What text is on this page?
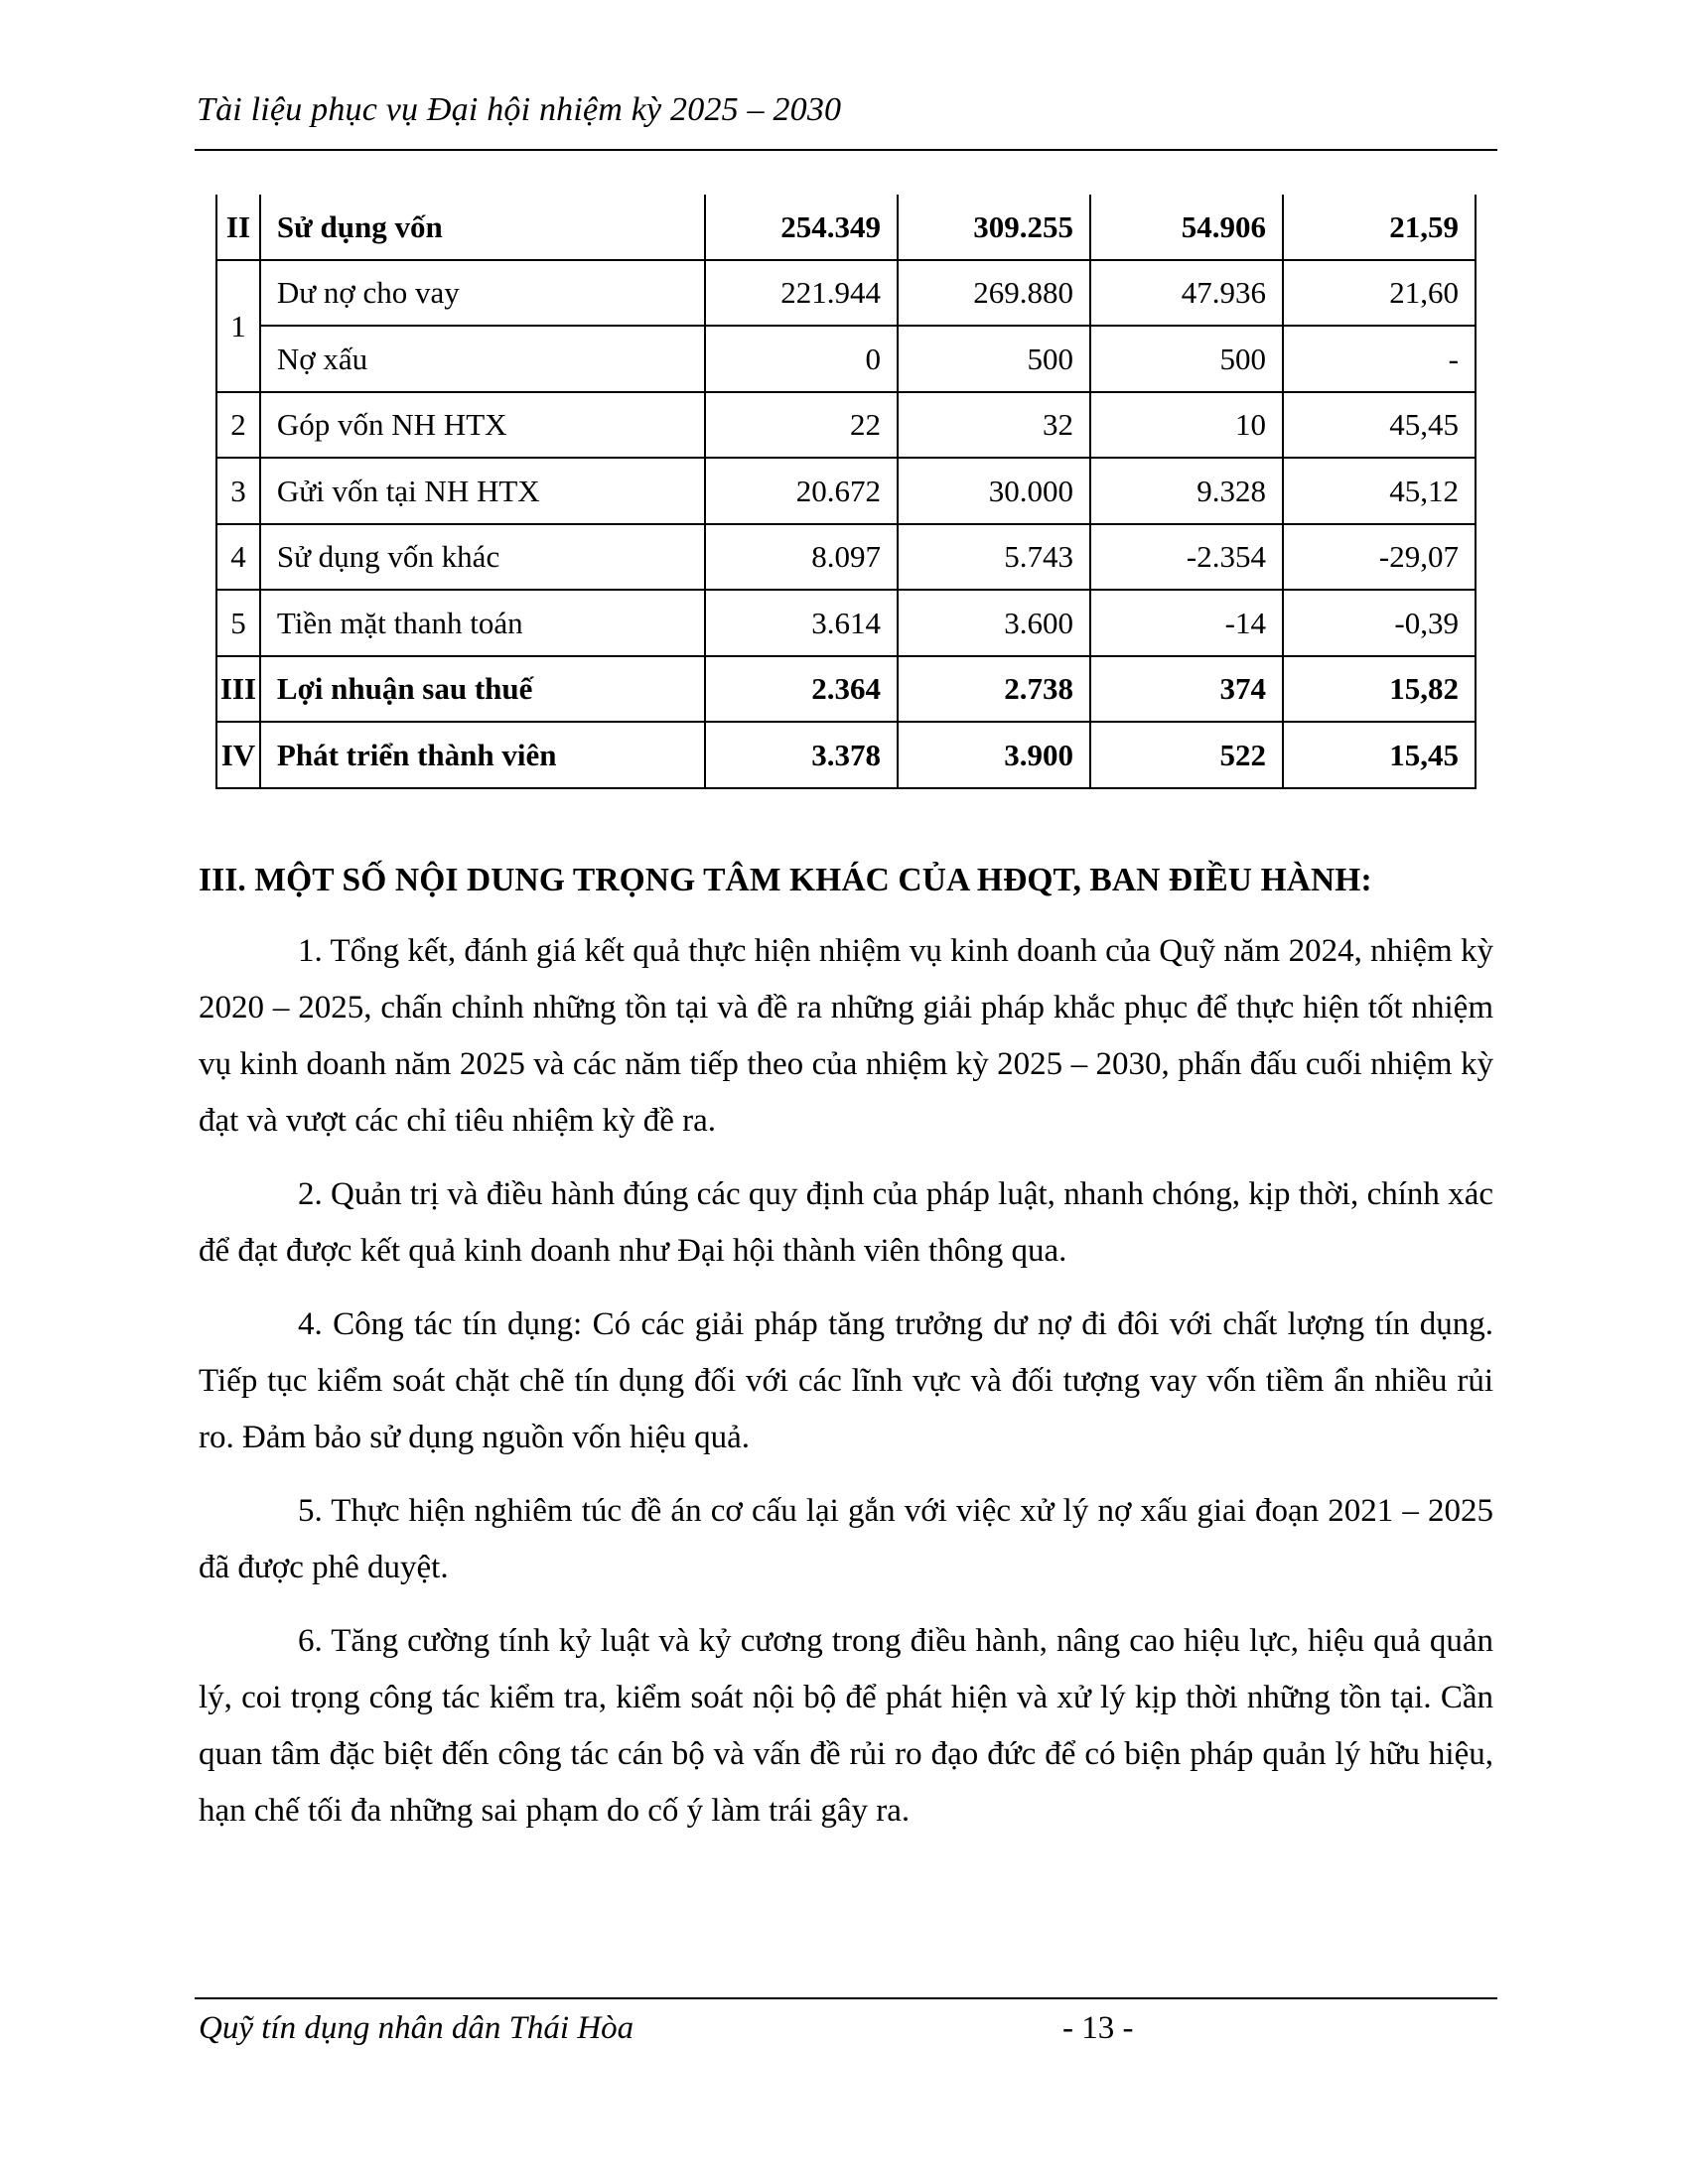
Tài liệu phục vụ Đại hội nhiệm kỳ 2025 – 2030
II	Sử dụng vốn	254.349	309.255	54.906	21,59
1	Dư nợ cho vay	221.944	269.880	47.936	21,60
	Nợ xấu	0	500	500	-
2	Góp vốn NH HTX	22	32	10	45,45
3	Gửi vốn tại NH HTX	20.672	30.000	9.328	45,12
4	Sử dụng vốn khác	8.097	5.743	-2.354	-29,07
5	Tiền mặt thanh toán	3.614	3.600	-14	-0,39
III	Lợi nhuận sau thuế	2.364	2.738	374	15,82
IV	Phát triển thành viên	3.378	3.900	522	15,45
III. MỘT SỐ NỘI DUNG TRỌNG TÂM KHÁC CỦA HĐQT, BAN ĐIỀU HÀNH:

1. Tổng kết, đánh giá kết quả thực hiện nhiệm vụ kinh doanh của Quỹ năm 2024, nhiệm kỳ 2020 – 2025, chấn chỉnh những tồn tại và đề ra những giải pháp khắc phục để thực hiện tốt nhiệm vụ kinh doanh năm 2025 và các năm tiếp theo của nhiệm kỳ 2025 – 2030, phấn đấu cuối nhiệm kỳ đạt và vượt các chỉ tiêu nhiệm kỳ đề ra.

2. Quản trị và điều hành đúng các quy định của pháp luật, nhanh chóng, kịp thời, chính xác để đạt được kết quả kinh doanh như Đại hội thành viên thông qua.

4. Công tác tín dụng: Có các giải pháp tăng trưởng dư nợ đi đôi với chất lượng tín dụng. Tiếp tục kiểm soát chặt chẽ tín dụng đối với các lĩnh vực và đối tượng vay vốn tiềm ẩn nhiều rủi ro. Đảm bảo sử dụng nguồn vốn hiệu quả.

5. Thực hiện nghiêm túc đề án cơ cấu lại gắn với việc xử lý nợ xấu giai đoạn 2021 – 2025 đã được phê duyệt.

6. Tăng cường tính kỷ luật và kỷ cương trong điều hành, nâng cao hiệu lực, hiệu quả quản lý, coi trọng công tác kiểm tra, kiểm soát nội bộ để phát hiện và xử lý kịp thời những tồn tại. Cần quan tâm đặc biệt đến công tác cán bộ và vấn đề rủi ro đạo đức để có biện pháp quản lý hữu hiệu, hạn chế tối đa những sai phạm do cố ý làm trái gây ra.

Quỹ tín dụng nhân dân Thái Hòa	- 13 -
